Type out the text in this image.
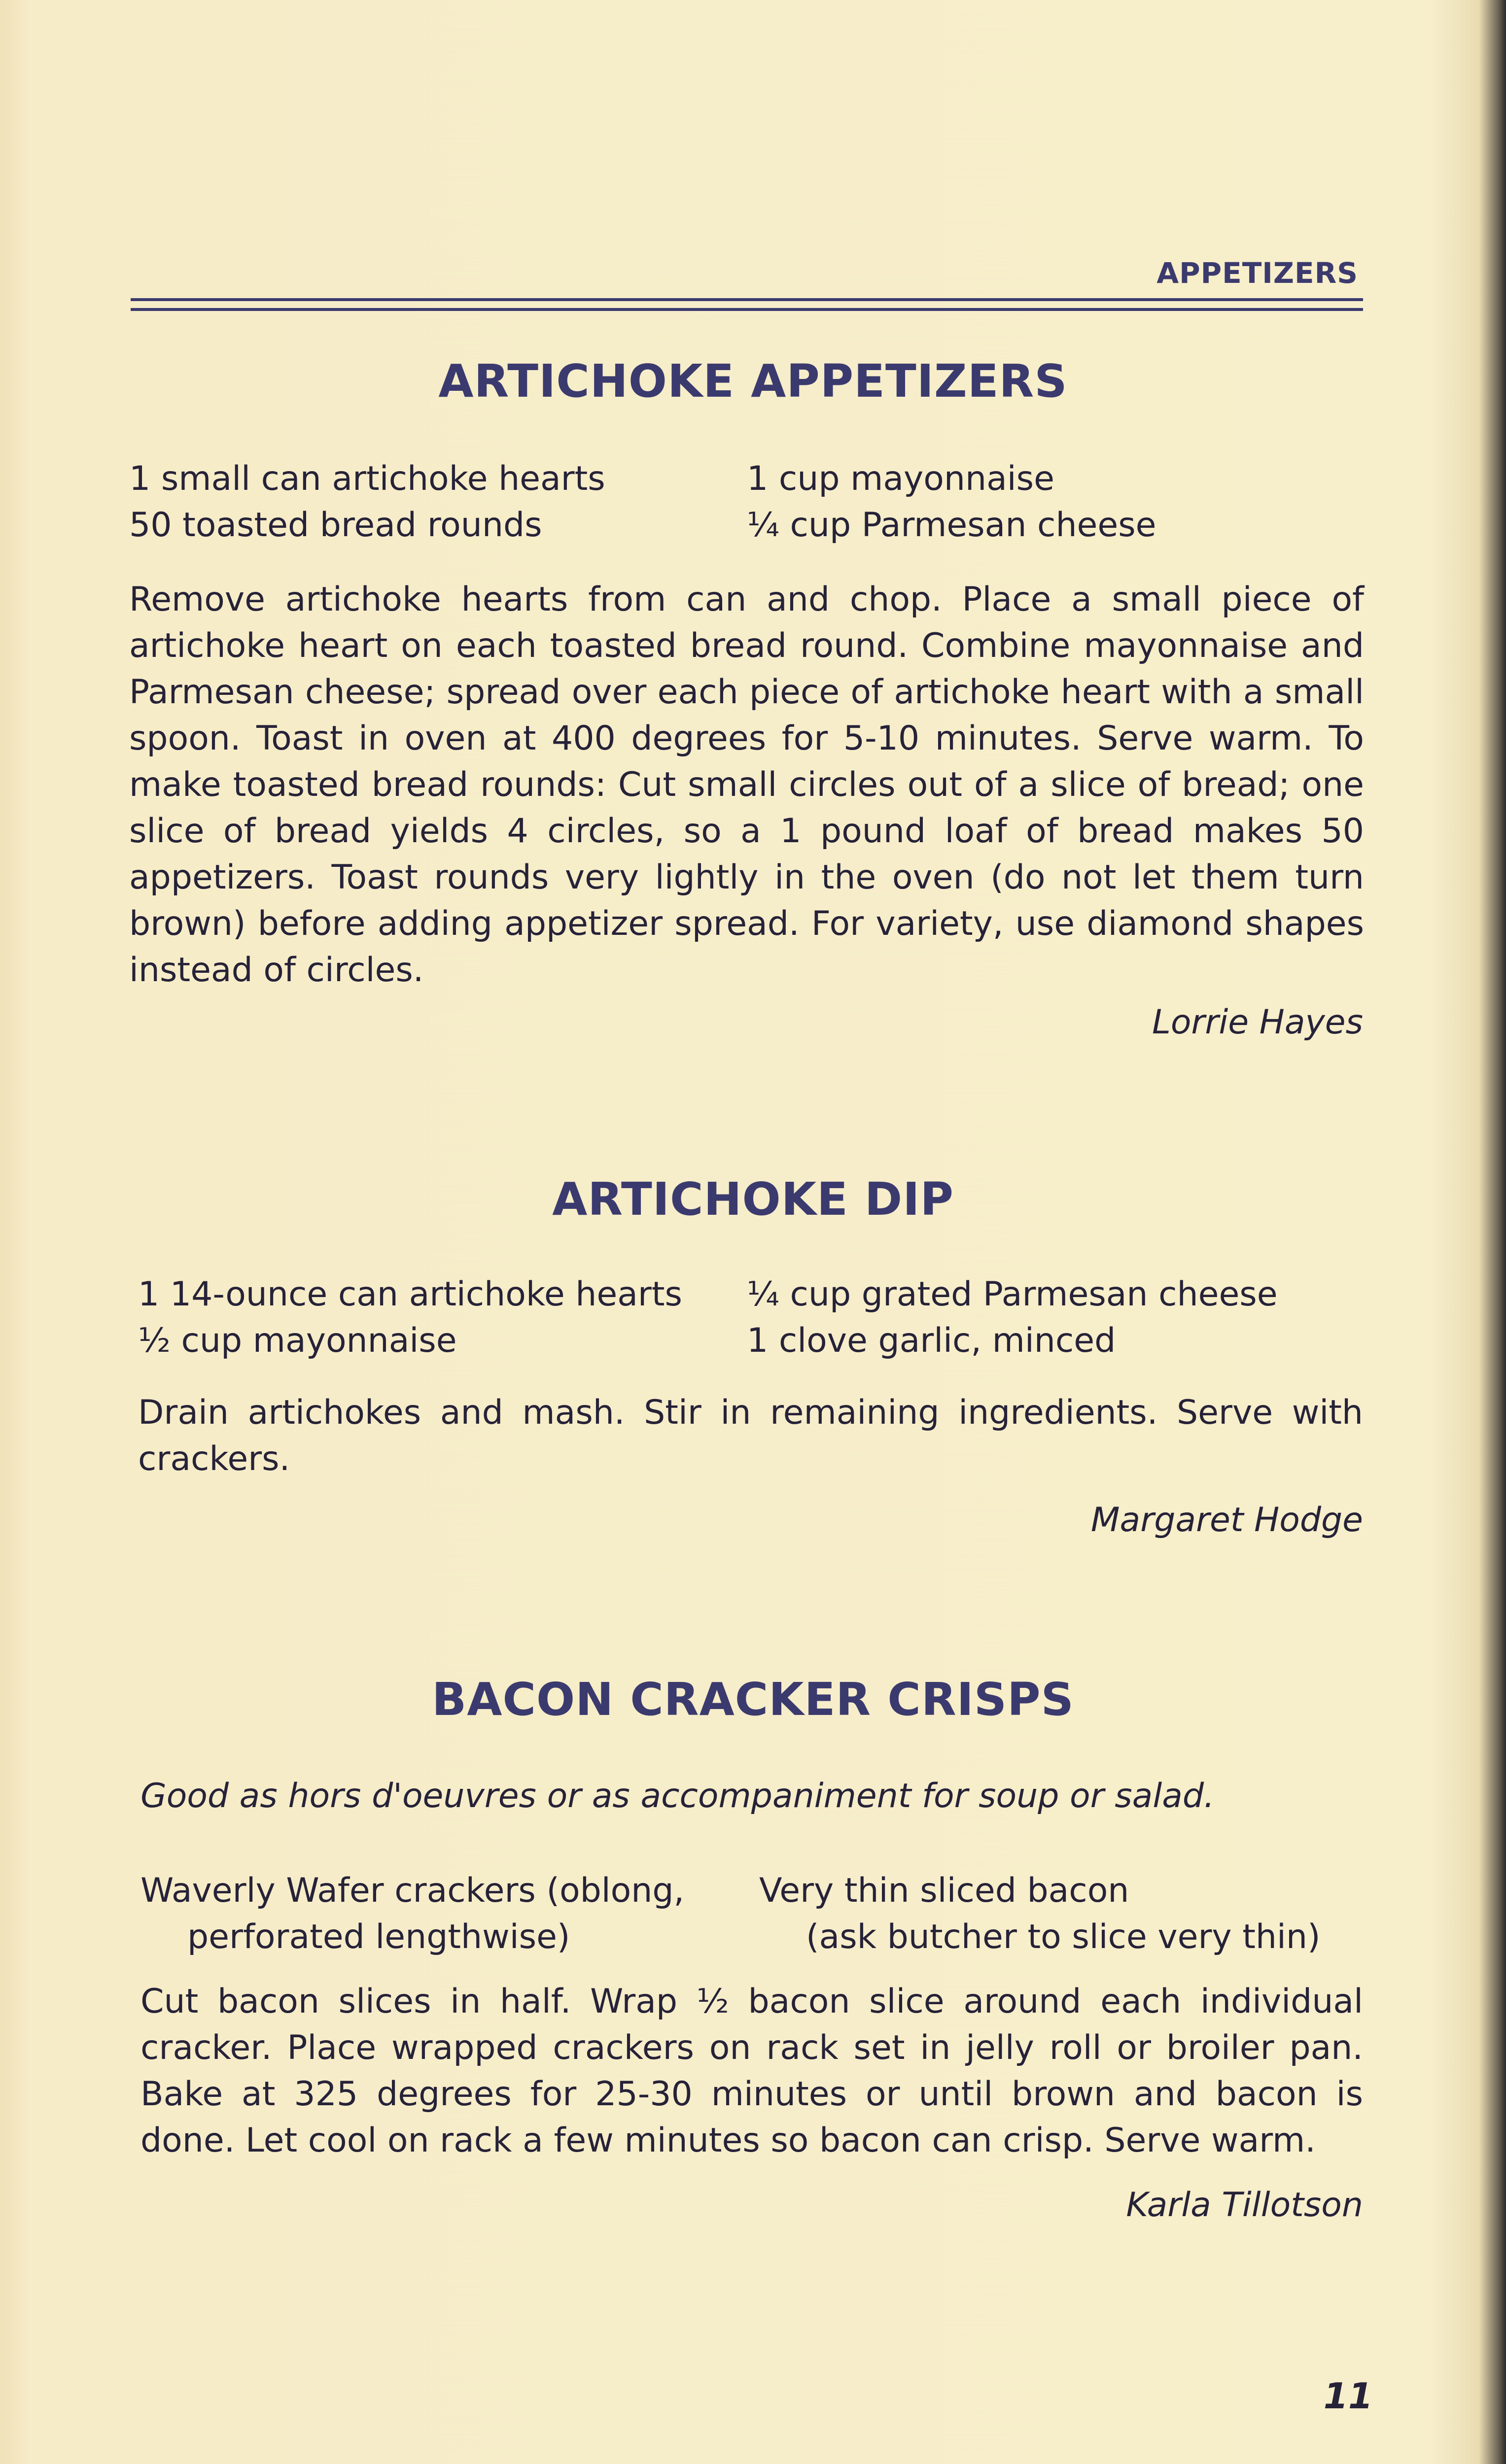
APPETIZERS
ARTICHOKE APPETIZERS
1 small can artichoke hearts
50 toasted bread rounds
1 cup mayonnaise
¼ cup Parmesan cheese
Remove artichoke hearts from can and chop. Place a small piece of artichoke heart on each toasted bread round. Combine mayonnaise and Parmesan cheese; spread over each piece of artichoke heart with a small spoon. Toast in oven at 400 degrees for 5-10 minutes. Serve warm. To make toasted bread rounds: Cut small circles out of a slice of bread; one slice of bread yields 4 circles, so a 1 pound loaf of bread makes 50 appetizers. Toast rounds very lightly in the oven (do not let them turn brown) before adding appetizer spread. For variety, use diamond shapes instead of circles.
Lorrie Hayes
ARTICHOKE DIP
1 14-ounce can artichoke hearts
½ cup mayonnaise
¼ cup grated Parmesan cheese
1 clove garlic, minced
Drain artichokes and mash. Stir in remaining ingredients. Serve with crackers.
Margaret Hodge
BACON CRACKER CRISPS
Good as hors d'oeuvres or as accompaniment for soup or salad.
Waverly Wafer crackers (oblong,
perforated lengthwise)
Very thin sliced bacon
(ask butcher to slice very thin)
Cut bacon slices in half. Wrap ½ bacon slice around each individual cracker. Place wrapped crackers on rack set in jelly roll or broiler pan. Bake at 325 degrees for 25-30 minutes or until brown and bacon is done. Let cool on rack a few minutes so bacon can crisp. Serve warm.
Karla Tillotson
11
